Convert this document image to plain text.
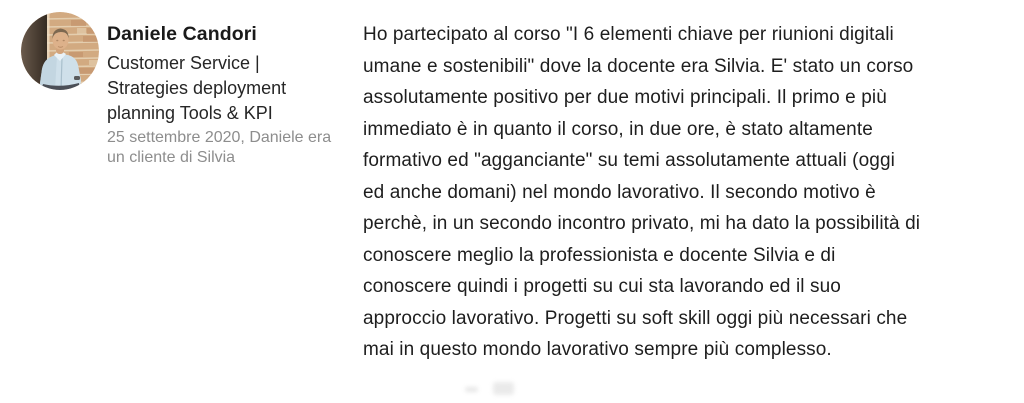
Daniele Candori
Customer Service |
Strategies deployment
planning Tools & KPI
25 settembre 2020, Daniele era
un cliente di Silvia
Ho partecipato al corso "I 6 elementi chiave per riunioni digitali
umane e sostenibili" dove la docente era Silvia. E' stato un corso
assolutamente positivo per due motivi principali. Il primo e più
immediato è in quanto il corso, in due ore, è stato altamente
formativo ed "agganciante" su temi assolutamente attuali (oggi
ed anche domani) nel mondo lavorativo. Il secondo motivo è
perchè, in un secondo incontro privato, mi ha dato la possibilità di
conoscere meglio la professionista e docente Silvia e di
conoscere quindi i progetti su cui sta lavorando ed il suo
approccio lavorativo. Progetti su soft skill oggi più necessari che
mai in questo mondo lavorativo sempre più complesso.
